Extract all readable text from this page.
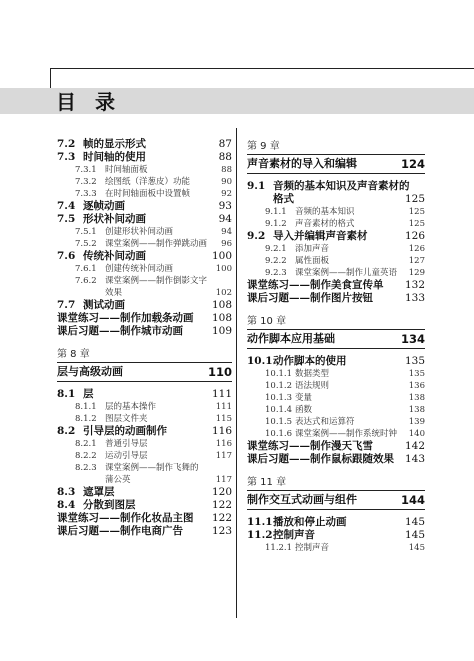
目 录
7.2 帧的显示形式	87
7.3 时间轴的使用	88
7.3.1 时间轴面板	88
7.3.2 绘图纸（洋葱皮）功能	90
7.3.3 在时间轴面板中设置帧	92
7.4 逐帧动画	93
7.5 形状补间动画	94
7.5.1 创建形状补间动画	94
7.5.2 课堂案例——制作弹跳动画	96
7.6 传统补间动画	100
7.6.1 创建传统补间动画	100
7.6.2 课堂案例——制作倒影文字
效果	102
7.7 测试动画	108
课堂练习——制作加载条动画	108
课后习题——制作城市动画	109
第 8 章
层与高级动画	110
8.1 层	111
8.1.1 层的基本操作	111
8.1.2 图层文件夹	115
8.2 引导层的动画制作	116
8.2.1 普通引导层	116
8.2.2 运动引导层	117
8.2.3 课堂案例——制作飞舞的
蒲公英	117
8.3 遮罩层	120
8.4 分散到图层	122
课堂练习——制作化妆品主图	122
课后习题——制作电商广告	123
第 9 章
声音素材的导入和编辑	124
9.1 音频的基本知识及声音素材的
格式	125
9.1.1 音频的基本知识	125
9.1.2 声音素材的格式	125
9.2 导入并编辑声音素材	126
9.2.1 添加声音	126
9.2.2 属性面板	127
9.2.3 课堂案例——制作儿童英语	129
课堂练习——制作美食宣传单	132
课后习题——制作图片按钮	133
第 10 章
动作脚本应用基础	134
10.1 动作脚本的使用	135
10.1.1 数据类型	135
10.1.2 语法规则	136
10.1.3 变量	138
10.1.4 函数	138
10.1.5 表达式和运算符	139
10.1.6 课堂案例——制作系统时钟	140
课堂练习——制作漫天飞雪	142
课后习题——制作鼠标跟随效果	143
第 11 章
制作交互式动画与组件	144
11.1 播放和停止动画	145
11.2 控制声音	145
11.2.1 控制声音	145
